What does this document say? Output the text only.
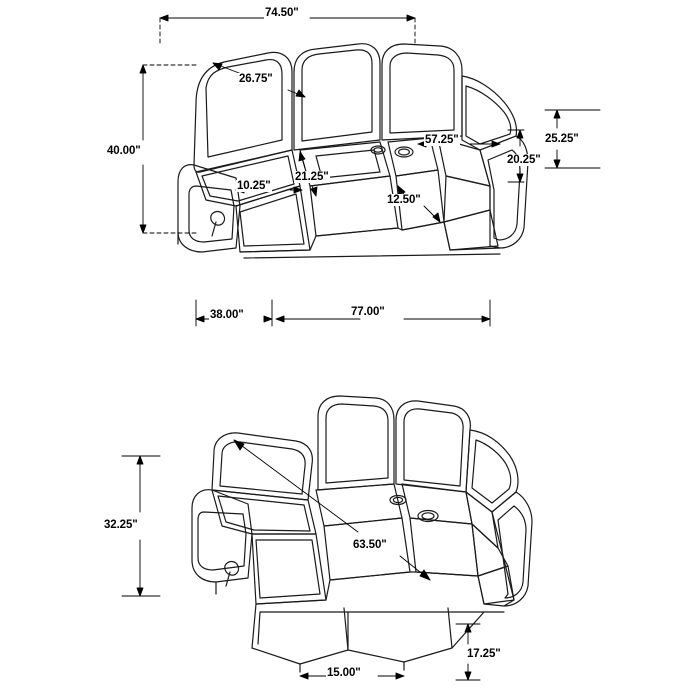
74.50"
26.75"
40.00"
10.25"
21.25"
12.50"
57.25"
20.25"
25.25"
38.00"	77.00"
32.25"
63.50"
15.00"
17.25"
